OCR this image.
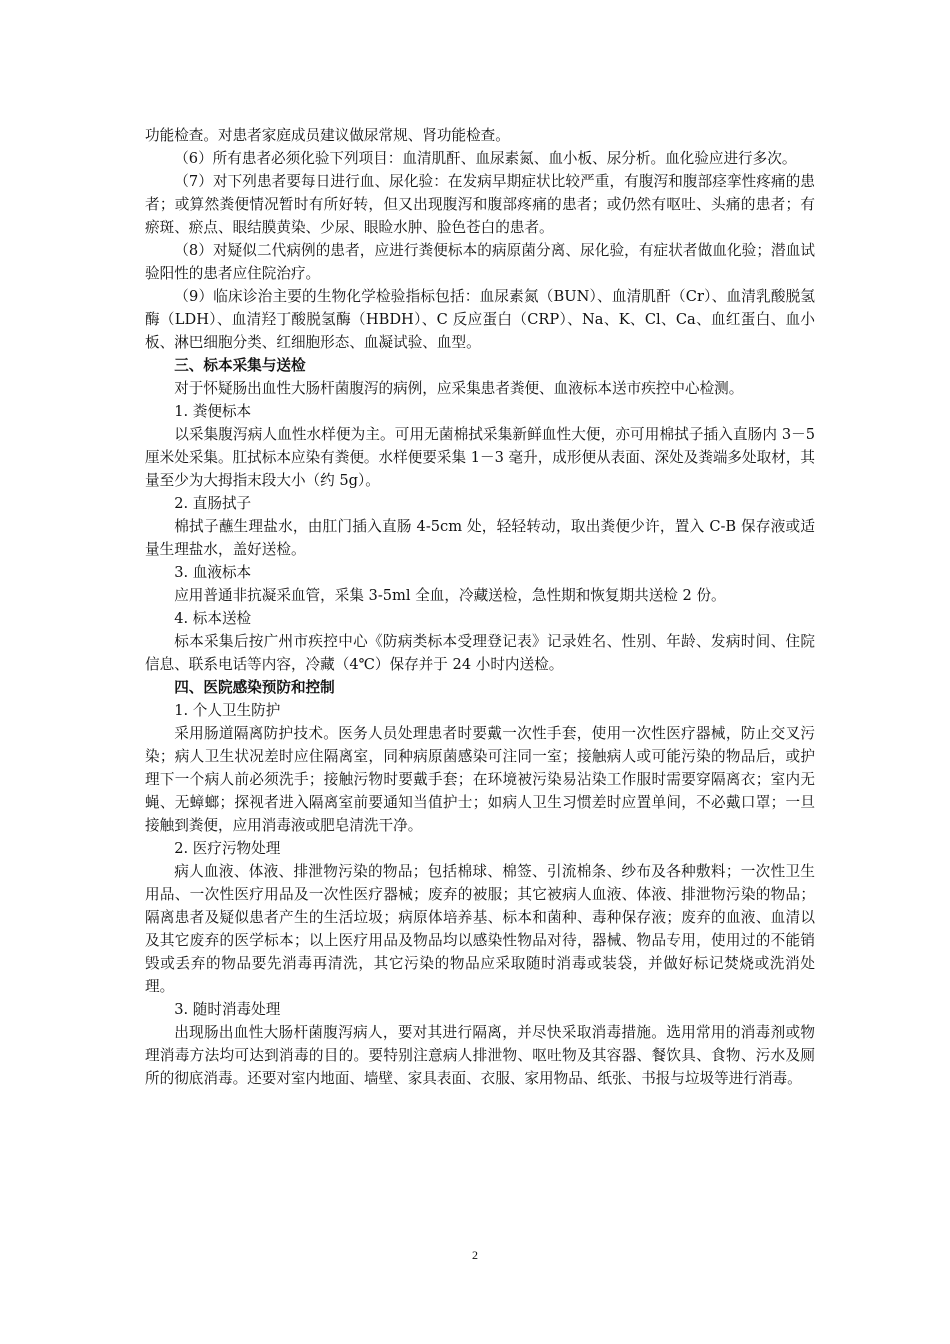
功能检查。对患者家庭成员建议做尿常规、肾功能检查。

（6）所有患者必须化验下列项目：血清肌酐、血尿素氮、血小板、尿分析。血化验应进行多次。

（7）对下列患者要每日进行血、尿化验：在发病早期症状比较严重，有腹泻和腹部痉挛性疼痛的患者；或算然粪便情况暂时有所好转，但又出现腹泻和腹部疼痛的患者；或仍然有呕吐、头痛的患者；有瘀斑、瘀点、眼结膜黄染、少尿、眼睑水肿、脸色苍白的患者。

（8）对疑似二代病例的患者，应进行粪便标本的病原菌分离、尿化验，有症状者做血化验；潜血试验阳性的患者应住院治疗。

（9）临床诊治主要的生物化学检验指标包括：血尿素氮（BUN）、血清肌酐（Cr）、血清乳酸脱氢酶（LDH）、血清羟丁酸脱氢酶（HBDH）、C 反应蛋白（CRP）、Na、K、Cl、Ca、血红蛋白、血小板、淋巴细胞分类、红细胞形态、血凝试验、血型。

三、标本采集与送检

对于怀疑肠出血性大肠杆菌腹泻的病例，应采集患者粪便、血液标本送市疾控中心检测。

1. 粪便标本

以采集腹泻病人血性水样便为主。可用无菌棉拭采集新鲜血性大便，亦可用棉拭子插入直肠内 3－5 厘米处采集。肛拭标本应染有粪便。水样便要采集 1－3 毫升，成形便从表面、深处及粪端多处取材，其量至少为大拇指末段大小（约 5g）。

2. 直肠拭子

棉拭子蘸生理盐水，由肛门插入直肠 4-5cm 处，轻轻转动，取出粪便少许，置入 C-B 保存液或适量生理盐水，盖好送检。

3. 血液标本

应用普通非抗凝采血管，采集 3-5ml 全血，冷藏送检，急性期和恢复期共送检 2 份。

4. 标本送检

标本采集后按广州市疾控中心《防病类标本受理登记表》记录姓名、性别、年龄、发病时间、住院信息、联系电话等内容，冷藏（4℃）保存并于 24 小时内送检。

四、医院感染预防和控制

1. 个人卫生防护

采用肠道隔离防护技术。医务人员处理患者时要戴一次性手套，使用一次性医疗器械，防止交叉污染；病人卫生状况差时应住隔离室，同种病原菌感染可注同一室；接触病人或可能污染的物品后，或护理下一个病人前必须洗手；接触污物时要戴手套；在环境被污染易沾染工作服时需要穿隔离衣；室内无蝇、无蟑螂；探视者进入隔离室前要通知当值护士；如病人卫生习惯差时应置单间，不必戴口罩；一旦接触到粪便，应用消毒液或肥皂清洗干净。

2. 医疗污物处理

病人血液、体液、排泄物污染的物品；包括棉球、棉签、引流棉条、纱布及各种敷料；一次性卫生用品、一次性医疗用品及一次性医疗器械；废弃的被服；其它被病人血液、体液、排泄物污染的物品；隔离患者及疑似患者产生的生活垃圾；病原体培养基、标本和菌种、毒种保存液；废弃的血液、血清以及其它废弃的医学标本；以上医疗用品及物品均以感染性物品对待，器械、物品专用，使用过的不能销毁或丢弃的物品要先消毒再清洗，其它污染的物品应采取随时消毒或装袋，并做好标记焚烧或洗消处理。

3. 随时消毒处理

出现肠出血性大肠杆菌腹泻病人，要对其进行隔离，并尽快采取消毒措施。选用常用的消毒剂或物理消毒方法均可达到消毒的目的。要特别注意病人排泄物、呕吐物及其容器、餐饮具、食物、污水及厕所的彻底消毒。还要对室内地面、墙壁、家具表面、衣服、家用物品、纸张、书报与垃圾等进行消毒。

2
